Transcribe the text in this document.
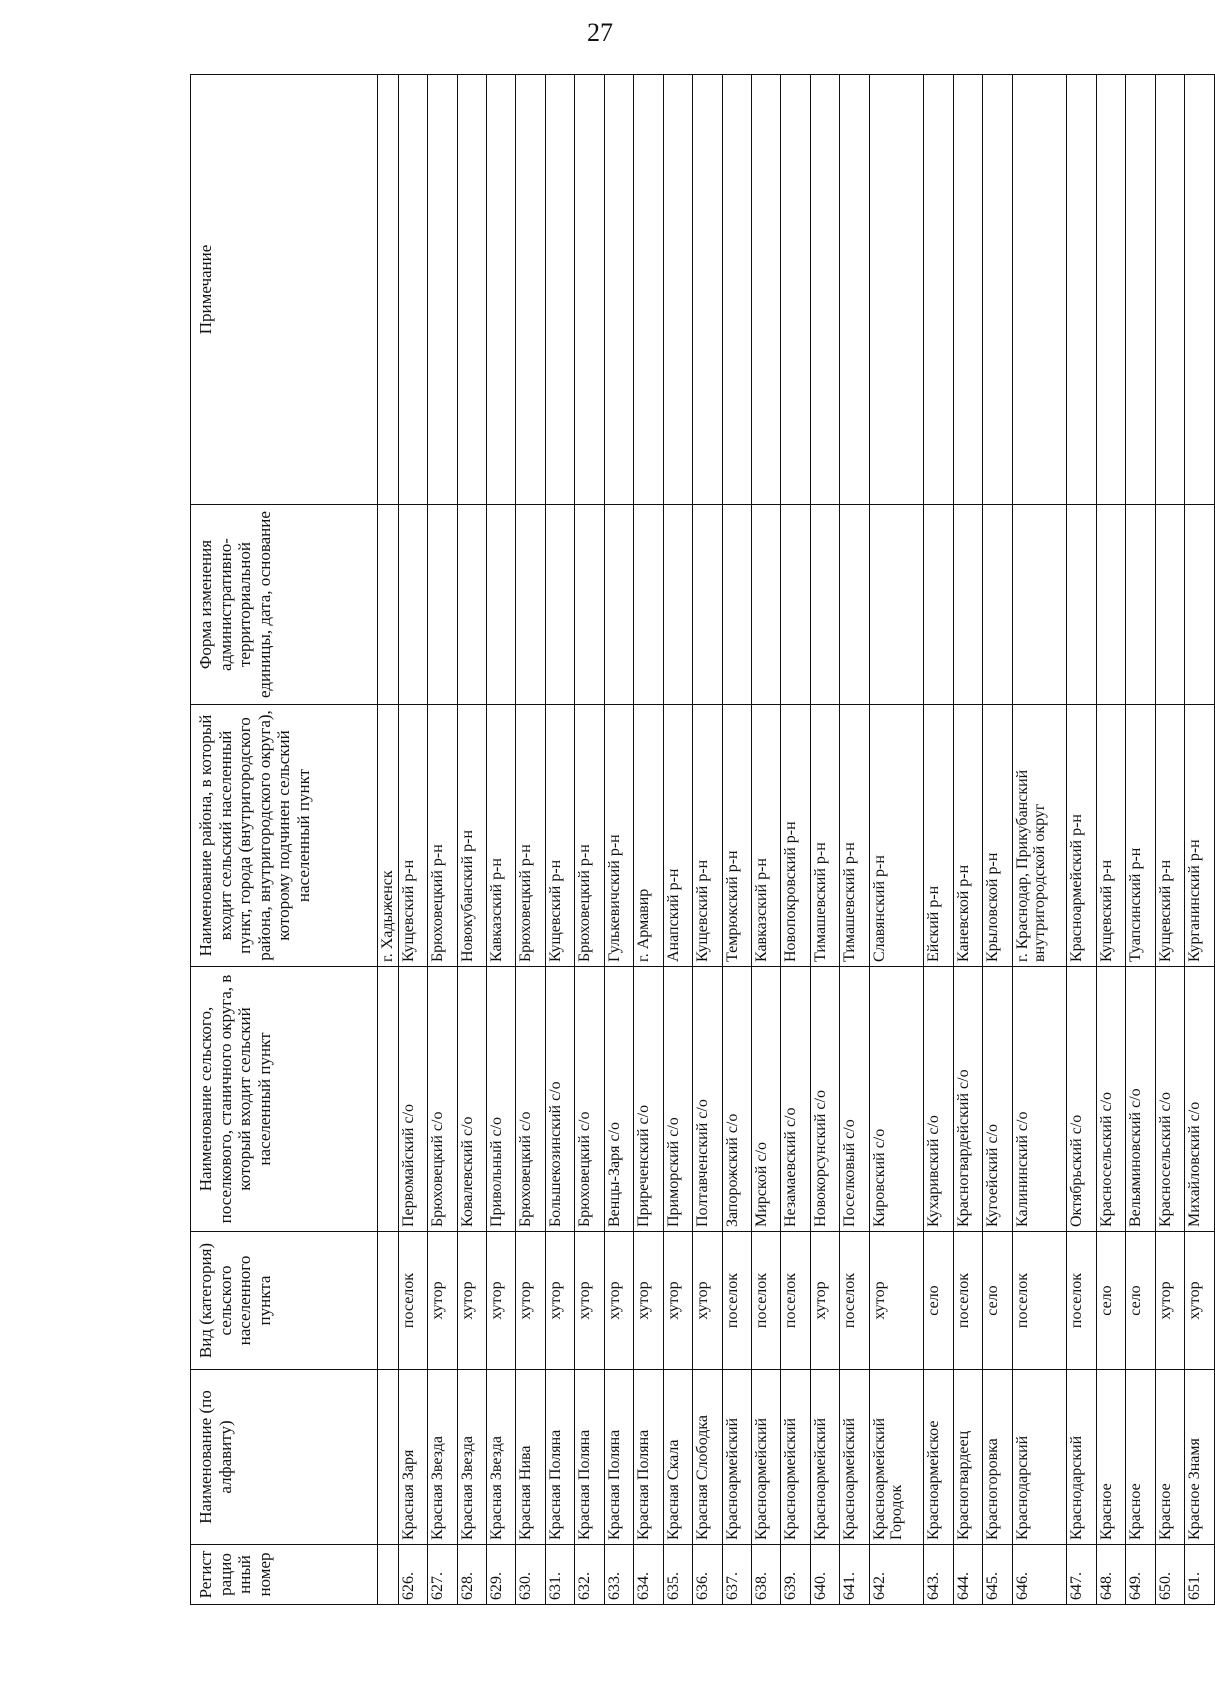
27
Регист рацио нный номер	Наименование (по алфавиту)	Вид (категория) сельского населенного пункта	Наименование сельского, поселкового, станичного округа, в который входит сельский населенный пункт	Наименование района, в который входит сельский населенный пункт, города (внутригородского района, внутригородского округа), которому подчинен сельский населенный пункт	Форма изменения административно-территориальной единицы, дата, основание	Примечание
				г. Хадыженск		
626.	Красная Заря	поселок	Первомайский с/о	Кущевский р-н		
627.	Красная Звезда	хутор	Брюховецкий с/о	Брюховецкий р-н		
628.	Красная Звезда	хутор	Ковалевский с/о	Новокубанский р-н		
629.	Красная Звезда	хутор	Привольный с/о	Кавказский р-н		
630.	Красная Нива	хутор	Брюховецкий с/о	Брюховецкий р-н		
631.	Красная Поляна	хутор	Большекозинский с/о	Кущевский р-н		
632.	Красная Поляна	хутор	Брюховецкий с/о	Брюховецкий р-н		
633.	Красная Поляна	хутор	Венцы-Заря с/о	Гулькевичский р-н		
634.	Красная Поляна	хутор	Приреченский с/о	г. Армавир		
635.	Красная Скала	хутор	Приморский с/о	Анапский р-н		
636.	Красная Слободка	хутор	Полтавченский с/о	Кущевский р-н		
637.	Красноармейский	поселок	Запорожский с/о	Темрюкский р-н		
638.	Красноармейский	поселок	Мирской с/о	Кавказский р-н		
639.	Красноармейский	поселок	Незамаевский с/о	Новопокровский р-н		
640.	Красноармейский	хутор	Новокорсунский с/о	Тимашевский р-н		
641.	Красноармейский	поселок	Поселковый с/о	Тимашевский р-н		
642.	Красноармейский Городок	хутор	Кировский с/о	Славянский р-н		
643.	Красноармейское	село	Кухаривский с/о	Ейский р-н		
644.	Красногвардеец	поселок	Красногвардейский с/о	Каневской р-н		
645.	Красногоровка	село	Кугоейский с/о	Крыловской р-н		
646.	Краснодарский	поселок	Калининский с/о	г. Краснодар, Прикубанский внутригородской округ		
647.	Краснодарский	поселок	Октябрьский с/о	Красноармейский р-н		
648.	Красное	село	Красносельский с/о	Кущевский р-н		
649.	Красное	село	Вельяминовский с/о	Туапсинский р-н		
650.	Красное	хутор	Красносельский с/о	Кущевский р-н		
651.	Красное Знамя	хутор	Михайловский с/о	Курганинский р-н		
